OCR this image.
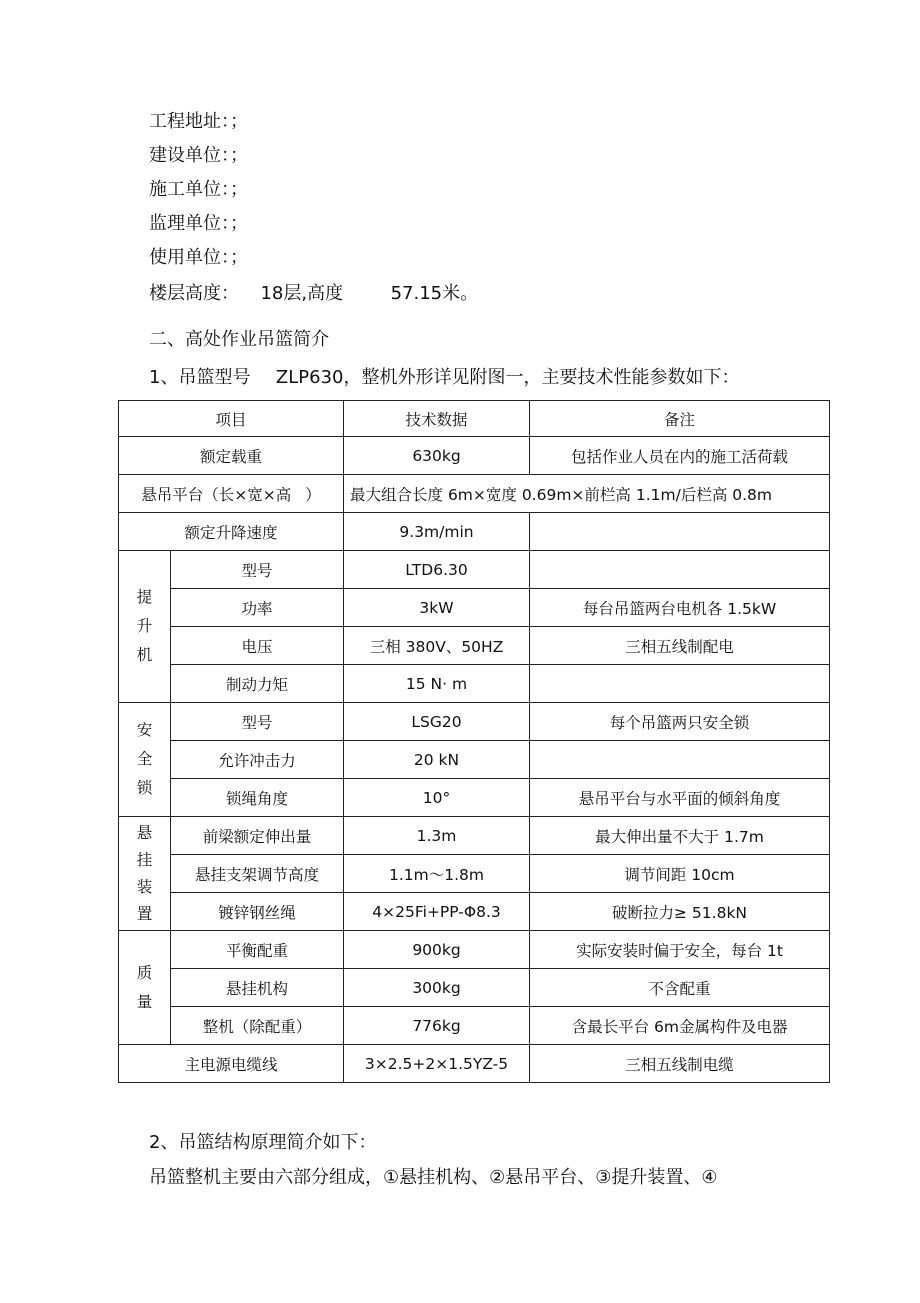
工程地址：；
建设单位：；
施工单位：；
监理单位：；
使用单位：；
楼层高度： 18层,高度	57.15米。
二、高处作业吊篮简介
1、吊篮型号 ZLP630，整机外形详见附图一，主要技术性能参数如下：
项目		技术数据	备注
额定载重		630kg	包括作业人员在内的施工活荷载
悬吊平台（长×宽×高 ）		最大组合长度 6m×宽度 0.69m×前栏高 1.1m/后栏高 0.8m	

额定升降速度		9.3m/min	

提
升
机	型号	LTD6.30	
	功率	3kW	每台吊篮两台电机各 1.5kW
	电压	三相 380V、50HZ	三相五线制配电
	制动力矩	15 N· m	

安
全
锁	型号	LSG20	每个吊篮两只安全锁
	允许冲击力	20 kN	
	锁绳角度	10°	悬吊平台与水平面的倾斜角度

悬
挂
装
置	前梁额定伸出量	1.3m	最大伸出量不大于 1.7m
	悬挂支架调节高度	1.1m～1.8m	调节间距 10cm
	镀锌钢丝绳	4×25Fi+PP-Φ8.3	破断拉力≥ 51.8kN

质
量	平衡配重	900kg	实际安装时偏于安全，每台 1t
	悬挂机构	300kg	不含配重
	整机（除配重）	776kg	含最长平台 6m金属构件及电器
主电源电缆线		3×2.5+2×1.5YZ-5	三相五线制电缆
2、吊篮结构原理简介如下：
吊篮整机主要由六部分组成，①悬挂机构、②悬吊平台、③提升装置、④
